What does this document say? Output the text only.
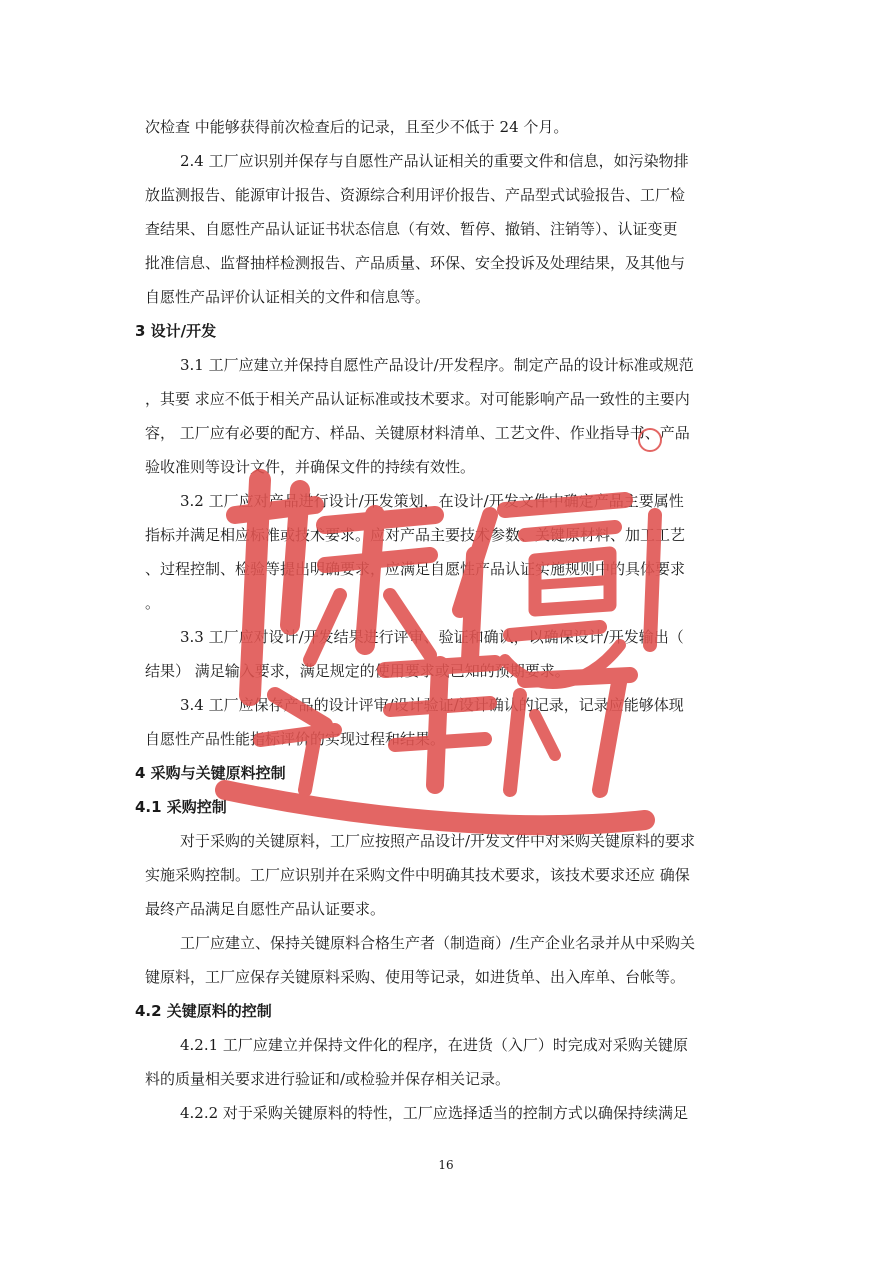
次检查 中能够获得前次检查后的记录，且至少不低于 24 个月。
2.4 工厂应识别并保存与自愿性产品认证相关的重要文件和信息，如污染物排
放监测报告、能源审计报告、资源综合利用评价报告、产品型式试验报告、工厂检
查结果、自愿性产品认证证书状态信息（有效、暂停、撤销、注销等）、认证变更
批准信息、监督抽样检测报告、产品质量、环保、安全投诉及处理结果，及其他与
自愿性产品评价认证相关的文件和信息等。
3 设计/开发
3.1 工厂应建立并保持自愿性产品设计/开发程序。制定产品的设计标准或规范
，其要 求应不低于相关产品认证标准或技术要求。对可能影响产品一致性的主要内
容， 工厂应有必要的配方、样品、关键原材料清单、工艺文件、作业指导书、产品
验收准则等设计文件，并确保文件的持续有效性。
3.2 工厂应对产品进行设计/开发策划，在设计/开发文件中确定产品主要属性
指标并满足相应标准或技术要求。应对产品主要技术参数、关键原材料、加工工艺
、过程控制、检验等提出明确要求，应满足自愿性产品认证实施规则中的具体要求
。
3.3 工厂应对设计/开发结果进行评审、验证和确认，以确保设计/开发输出（
结果） 满足输入要求，满足规定的使用要求或已知的预期要求。
3.4 工厂应保存产品的设计评审/设计验证/设计确认的记录，记录应能够体现
自愿性产品性能指标评价的实现过程和结果。
4 采购与关键原料控制
4.1 采购控制
对于采购的关键原料，工厂应按照产品设计/开发文件中对采购关键原料的要求
实施采购控制。工厂应识别并在采购文件中明确其技术要求，该技术要求还应 确保
最终产品满足自愿性产品认证要求。
工厂应建立、保持关键原料合格生产者（制造商）/生产企业名录并从中采购关
键原料，工厂应保存关键原料采购、使用等记录，如进货单、出入库单、台帐等。
4.2 关键原料的控制
4.2.1 工厂应建立并保持文件化的程序，在进货（入厂）时完成对采购关键原
料的质量相关要求进行验证和/或检验并保存相关记录。
4.2.2 对于采购关键原料的特性，工厂应选择适当的控制方式以确保持续满足
16
